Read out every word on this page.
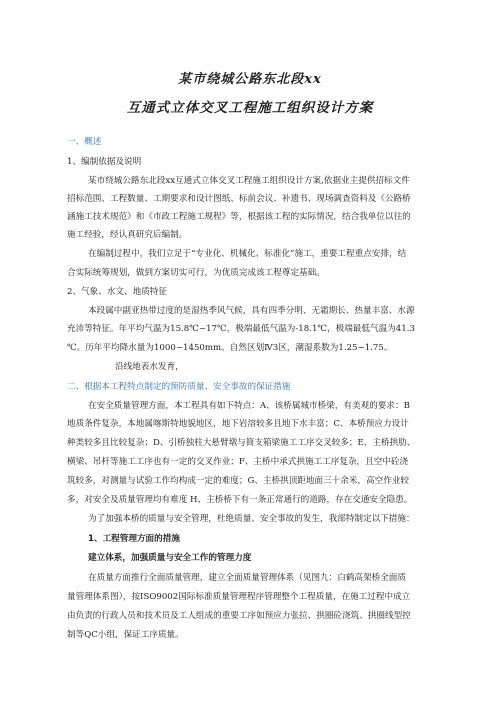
某市绕城公路东北段xx
互通式立体交叉工程施工组织设计方案
一、概述
1、编制依据及说明
某市绕城公路东北段xx互通式立体交叉工程施工组织设计方案,依据业主提供招标文件
招标范围、工程数量、工期要求和设计图纸、标前会议、补遗书、现场调查资料及《公路桥
涵施工技术规范》和《市政工程施工规程》等，根据该工程的实际情况，结合我单位以往的
施工经验，经认真研究后编制。
在编制过程中，我们立足于“专业化、机械化、标准化”施工，重要工程重点安排，结
合实际统筹规划，做到方案切实可行，为优质完成该工程尊定基础。
2、气象、水文、地质特征
本段属中副亚热带过度的是湿热季风气候，具有四季分明、无霜期长、热量丰富、水源
充沛等特征。年平均气温为15.8℃~17℃，极端最低气温为-18.1℃，极端最低气温为41.3
℃。历年平均降水量为1000~1450mm。自然区划Ⅳ3区，潮湿系数为1.25~1.75。
沿线地表水发育，
二、根据本工程特点制定的预防质量、安全事故的保证措施
在安全质量管理方面，本工程具有如下特点：A、该桥属城市桥梁，有美观的要求：B
地质条件复杂，本地属喀斯特地貌地区，地下岩溶较多且地下水丰富；C、本桥预应力设计
种类较多且比较复杂；D、引桥独柱大悬臂墩与简支箱梁施工工序交叉较多；E、主桥拱肋、
横梁、吊杆等施工工序也有一定的交叉作业；F、主桥中承式拱施工工序复杂，且空中砼浇
筑较多，对测量与试验工作均构成一定的难度；G、主桥拱顶距地面三十余米，高空作业较
多，对安全及质量管理均有难度 H、主桥桥下有一条正常通行的道路，存在交通安全隐患。
为了加强本桥的质量与安全管理，杜绝质量、安全事故的发生，我部特制定以下措施：
1、工程管理方面的措施
建立体系，加强质量与安全工作的管理力度
在质量方面推行全面质量管理，建立全面质量管理体系（见图九：白鹤高架桥全面质
量管理体系图），按ISO9002国际标准质量管理程序管理整个工程质量，在施工过程中成立
由负责的行政人员和技术员及工人组成的重要工序如预应力张拉、拱圈砼浇筑、拱圈线型控
制等QC小组，保证工序质量。
